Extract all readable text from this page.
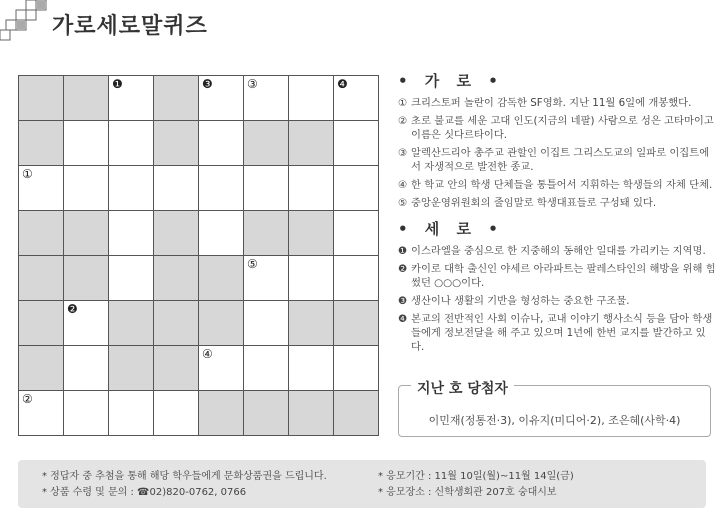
가로세로말퀴즈
❶	❸	③	❹
①
⑤
❷
④
②
• 가 로 •
① 크리스토퍼 놀란이 감독한 SF영화. 지난 11월 6일에 개봉했다.
② 초로 불교를 세운 고대 인도(지금의 네팔) 사람으로 성은 고타마이고 이름은 싯다르타이다.
③ 알렉산드리아 총주교 관할인 이집트 그리스도교의 일파로 이집트에서 자생적으로 발전한 종교.
④ 한 학교 안의 학생 단체들을 통틀어서 지휘하는 학생들의 자체 단체.
⑤ 중앙운영위원회의 줄임말로 학생대표들로 구성돼 있다.
• 세 로 •
❶ 이스라엘을 중심으로 한 지중해의 동해안 일대를 가리키는 지역명.
❷ 카이로 대학 출신인 야세르 아라파트는 팔레스타인의 해방을 위해 힘썼던 ○○○이다.
❸ 생산이나 생활의 기반을 형성하는 중요한 구조물.
❹ 본교의 전반적인 사회 이슈나, 교내 이야기 행사소식 등을 담아 학생들에게 정보전달을 해 주고 있으며 1년에 한번 교지를 발간하고 있다.
지난 호 당첨자
이민재(정통전·3), 이유지(미디어·2), 조은혜(사학·4)
* 정답자 중 추첨을 통해 해당 학우들에게 문화상품권을 드립니다.
* 상품 수령 및 문의 : ☎02)820-0762, 0766
* 응모기간 : 11월 10일(월)~11월 14일(금)
* 응모장소 : 신학생회관 207호 숭대시보
